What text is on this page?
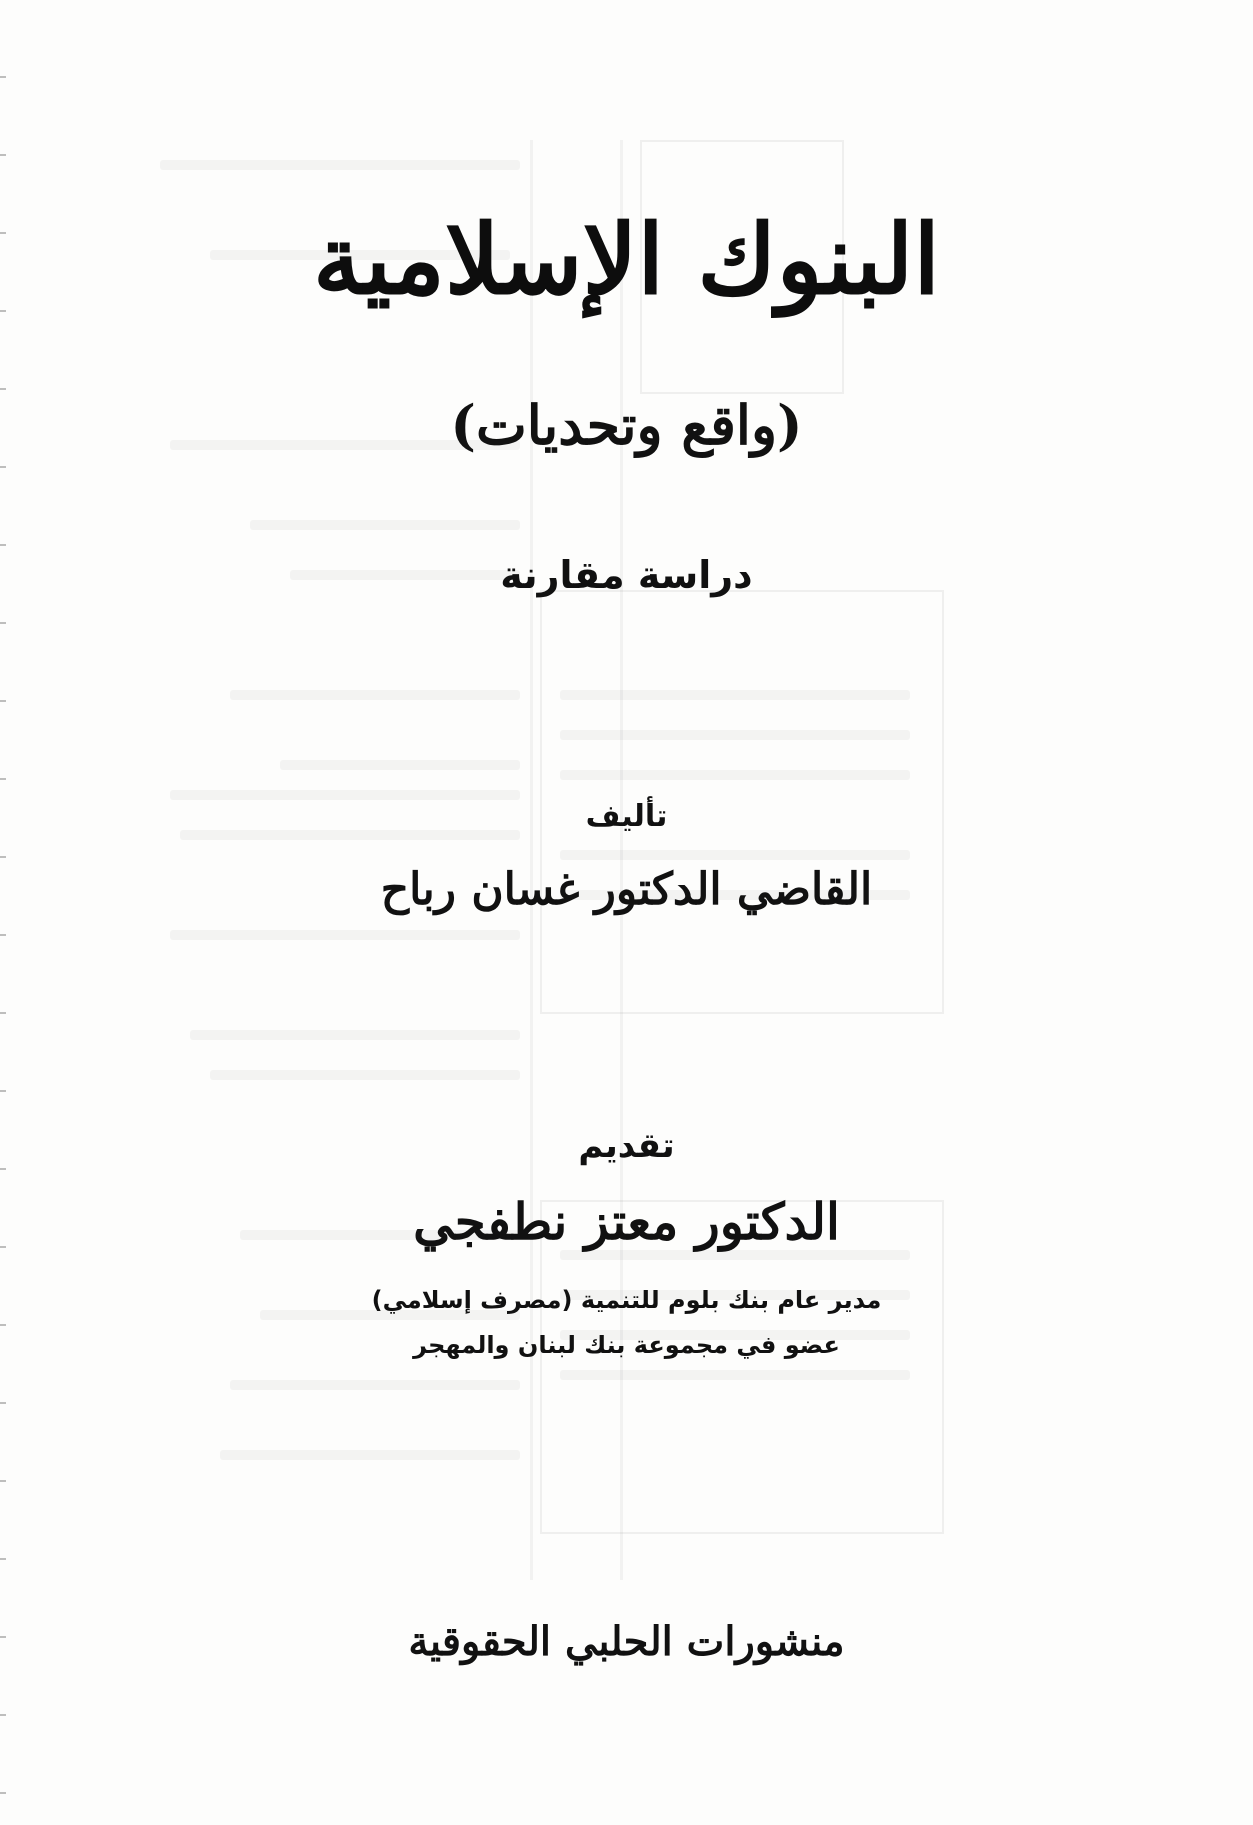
البنوك الإسلامية
(واقع وتحديات)
دراسة مقارنة
تأليف
القاضي الدكتور غسان رباح
تقديم
الدكتور معتز نطفجي
مدير عام بنك بلوم للتنمية (مصرف إسلامي)
عضو في مجموعة بنك لبنان والمهجر
منشورات الحلبي الحقوقية
